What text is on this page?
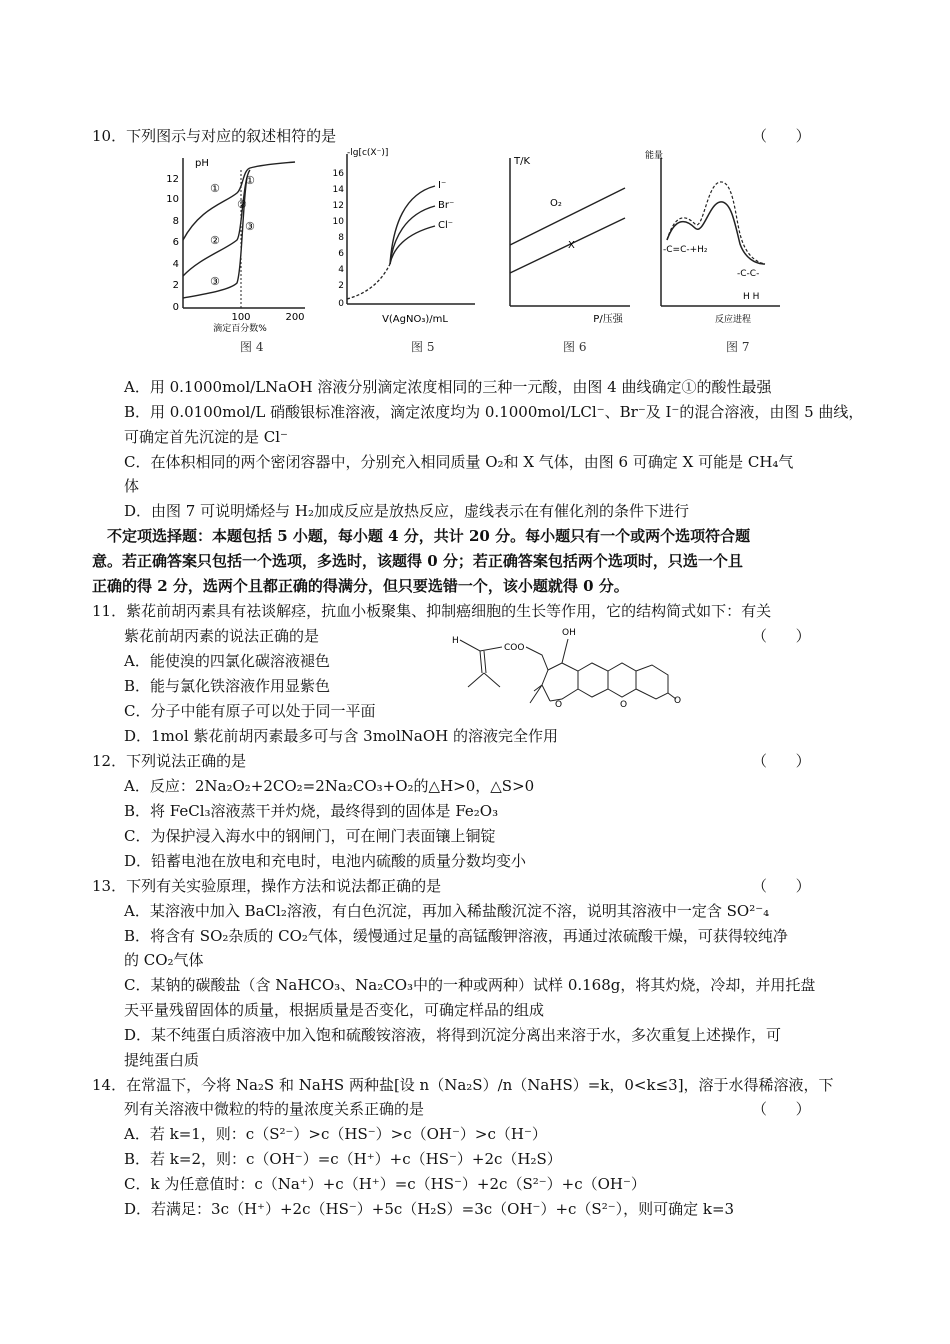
10．下列图示与对应的叙述相符的是	（      ）
pH
12
10
8
6
4
2
0
100	200
滴定百分数%
①
②
③
①
②
③
图 4
-lg[c(X⁻)]
16
14
12
10
8
6
4
2
0
I⁻
Br⁻
Cl⁻
V(AgNO₃)/mL
图 5
T/K
O₂
X
P/压强
图 6
能量
-C=C-+H₂
-C-C-
H H
反应进程
图 7
A．用 0.1000mol/LNaOH 溶液分别滴定浓度相同的三种一元酸，由图 4 曲线确定①的酸性最强
B．用 0.0100mol/L 硝酸银标准溶液，滴定浓度均为 0.1000mol/LCl⁻、Br⁻及 I⁻的混合溶液，由图 5 曲线，
可确定首先沉淀的是 Cl⁻
C．在体积相同的两个密闭容器中，分别充入相同质量 O₂和 X 气体，由图 6 可确定 X 可能是 CH₄气
体
D．由图 7 可说明烯烃与 H₂加成反应是放热反应，虚线表示在有催化剂的条件下进行
不定项选择题：本题包括 5 小题，每小题 4 分，共计 20 分。每小题只有一个或两个选项符合题
意。若正确答案只包括一个选项，多选时，该题得 0 分；若正确答案包括两个选项时，只选一个且
正确的得 2 分，选两个且都正确的得满分，但只要选错一个，该小题就得 0 分。
11．紫花前胡丙素具有祛谈解痉，抗血小板聚集、抑制癌细胞的生长等作用，它的结构简式如下：有关
紫花前胡丙素的说法正确的是	（      ）
H
OH
COO
O	O	O
A．能使溴的四氯化碳溶液褪色
B．能与氯化铁溶液作用显紫色
C．分子中能有原子可以处于同一平面
D．1mol 紫花前胡丙素最多可与含 3molNaOH 的溶液完全作用
12．下列说法正确的是	（      ）
A．反应：2Na₂O₂+2CO₂=2Na₂CO₃+O₂的△H>0，△S>0
B．将 FeCl₃溶液蒸干并灼烧，最终得到的固体是 Fe₂O₃
C．为保护浸入海水中的钢闸门，可在闸门表面镶上铜锭
D．铅蓄电池在放电和充电时，电池内硫酸的质量分数均变小
13．下列有关实验原理，操作方法和说法都正确的是	（      ）
A．某溶液中加入 BaCl₂溶液，有白色沉淀，再加入稀盐酸沉淀不溶，说明其溶液中一定含 SO²⁻₄
B．将含有 SO₂杂质的 CO₂气体，缓慢通过足量的高锰酸钾溶液，再通过浓硫酸干燥，可获得较纯净
的 CO₂气体
C．某钠的碳酸盐（含 NaHCO₃、Na₂CO₃中的一种或两种）试样 0.168g，将其灼烧，冷却，并用托盘
天平量残留固体的质量，根据质量是否变化，可确定样品的组成
D．某不纯蛋白质溶液中加入饱和硫酸铵溶液，将得到沉淀分离出来溶于水，多次重复上述操作，可
提纯蛋白质
14．在常温下，今将 Na₂S 和 NaHS 两种盐[设 n（Na₂S）/n（NaHS）=k，0<k≤3]，溶于水得稀溶液，下
列有关溶液中微粒的特的量浓度关系正确的是	（      ）
A．若 k=1，则：c（S²⁻）>c（HS⁻）>c（OH⁻）>c（H⁻）
B．若 k=2，则：c（OH⁻）=c（H⁺）+c（HS⁻）+2c（H₂S）
C．k 为任意值时：c（Na⁺）+c（H⁺）=c（HS⁻）+2c（S²⁻）+c（OH⁻）
D．若满足：3c（H⁺）+2c（HS⁻）+5c（H₂S）=3c（OH⁻）+c（S²⁻），则可确定 k=3
